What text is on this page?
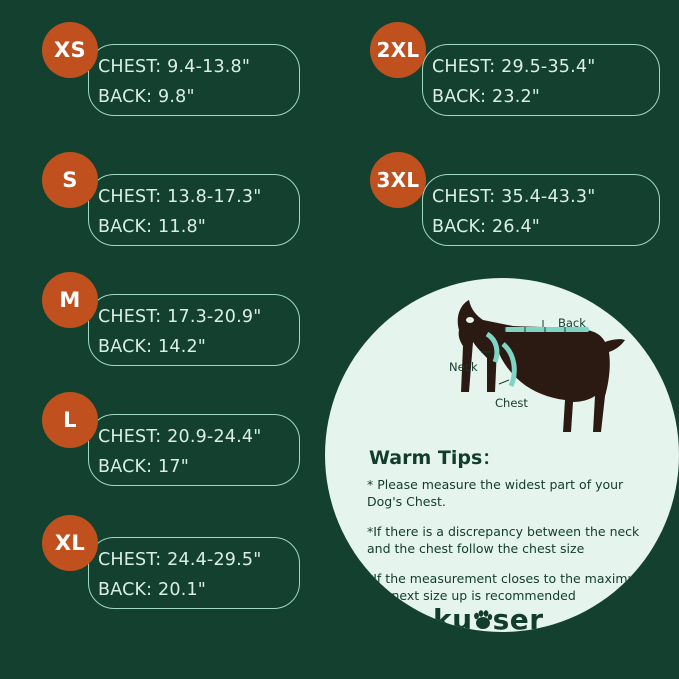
XS
CHEST: 9.4-13.8"
BACK: 9.8"
S
CHEST: 13.8-17.3"
BACK: 11.8"
M
CHEST: 17.3-20.9"
BACK: 14.2"
L
CHEST: 20.9-24.4"
BACK: 17"
XL
CHEST: 24.4-29.5"
BACK: 20.1"
2XL
CHEST: 29.5-35.4"
BACK: 23.2"
3XL
CHEST: 35.4-43.3"
BACK: 26.4"
Back
Neck
Chest
Warm Tips：

* Please measure the widest part of your Dog's Chest.

*If there is a discrepancy between the neck and the chest follow the chest size

*If the measurement closes to the maximum the next size up is recommended

ku ser
